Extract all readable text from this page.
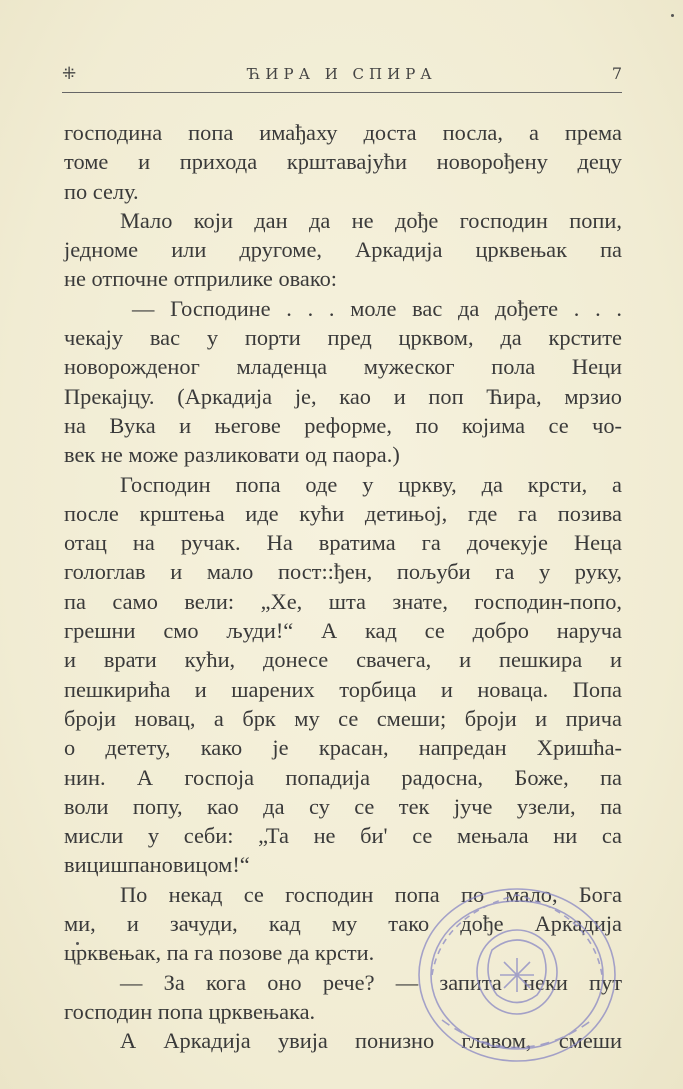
⁜	ЋИРА И СПИРА	7
господина попа имађаху доста посла, а према
томе и прихода крштавајући новорођену децу
по селу.
Мало који дан да не дође господин попи,
једноме или другоме, Аркадија црквењак па
не отпочне отприлике овако:
— Господине . . . моле вас да дођете . . .
чекају вас у порти пред црквом, да крстите
новорожденог младенца мужеског пола Неци
Прекајцу. (Аркадија је, као и поп Ћира, мрзио
на Вука и његове реформе, по којима се чо-
век не може разликовати од паора.)
Господин попа оде у цркву, да крсти, а
после крштења иде кући детињој, где га позива
отац на ручак. На вратима га дочекује Неца
гологлав и мало пост::ђен, пољуби га у руку,
па само вели: „Хе, шта знате, господин-попо,
грешни смо људи!“ А кад се добро наруча
и врати кући, донесе свачега, и пешкира и
пешкирића и шарених торбица и новаца. Попа
броји новац, а брк му се смеши; броји и прича
о детету, како је красан, напредан Хришћа-
нин. А госпоја попадија радосна, Боже, па
воли попу, као да су се тек јуче узели, па
мисли у себи: „Та не би' се мењала ни са
вицишпановицом!“
По некад се господин попа по мало, Бога
ми, и зачуди, кад му тако дође Аркадија
црквењак, па га позове да крсти.
— За кога оно рече? — запита неки пут
господин попа црквењака.
А Аркадија увија понизно главом, смеши
